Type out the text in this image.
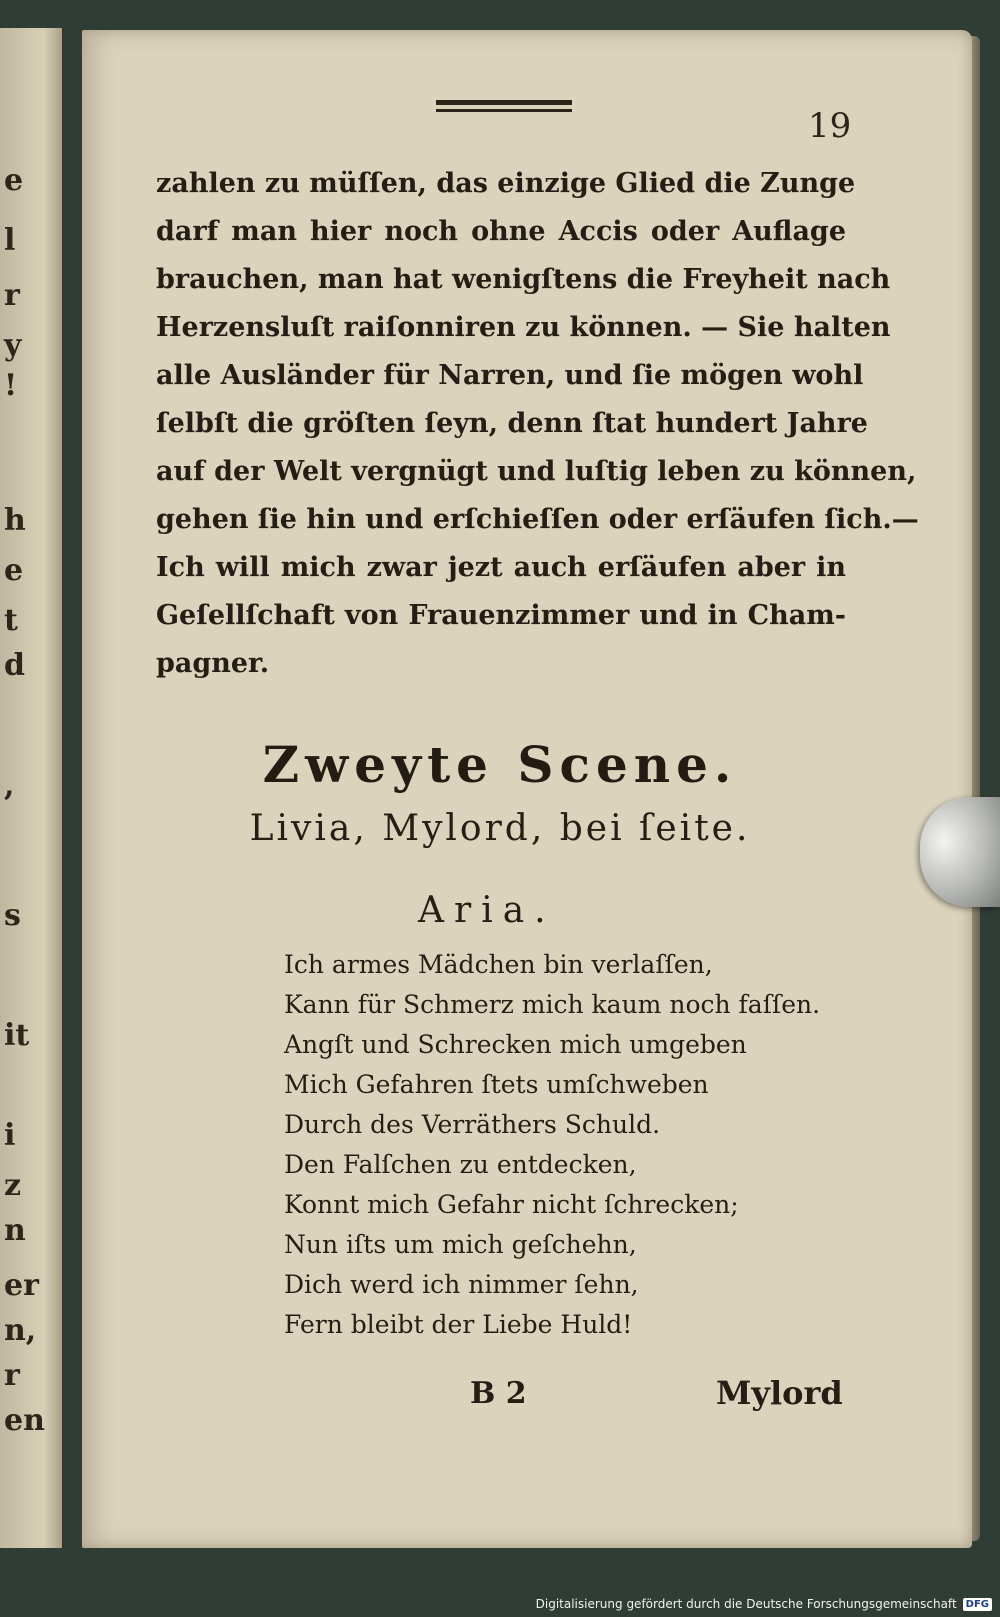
e
l
r
y
!
h
e
t
d
,
s
it
i
z
n
er
n,
r
en
19
zahlen zu müſſen, das einzige Glied die Zunge
darf man hier noch ohne Accis oder Auflage
brauchen, man hat wenigſtens die Freyheit nach
Herzensluſt raiſonniren zu können. — Sie halten
alle Ausländer für Narren, und ſie mögen wohl
ſelbſt die gröſten ſeyn, denn ſtat hundert Jahre
auf der Welt vergnügt und luſtig leben zu können,
gehen ſie hin und erſchieſſen oder erſäufen ſich.—
Ich will mich zwar jezt auch erſäufen aber in
Geſellſchaft von Frauenzimmer und in Cham-
pagner.
Zweyte Scene.
Livia, Mylord, bei ſeite.
Aria.
Ich armes Mädchen bin verlaſſen,
Kann für Schmerz mich kaum noch faſſen.
Angſt und Schrecken mich umgeben
Mich Gefahren ſtets umſchweben
Durch des Verräthers Schuld.
Den Falſchen zu entdecken,
Konnt mich Gefahr nicht ſchrecken;
Nun iſts um mich geſchehn,
Dich werd ich nimmer ſehn,
Fern bleibt der Liebe Huld!
B 2	Mylord
Digitalisierung gefördert durch die Deutsche Forschungsgemeinschaft DFG
